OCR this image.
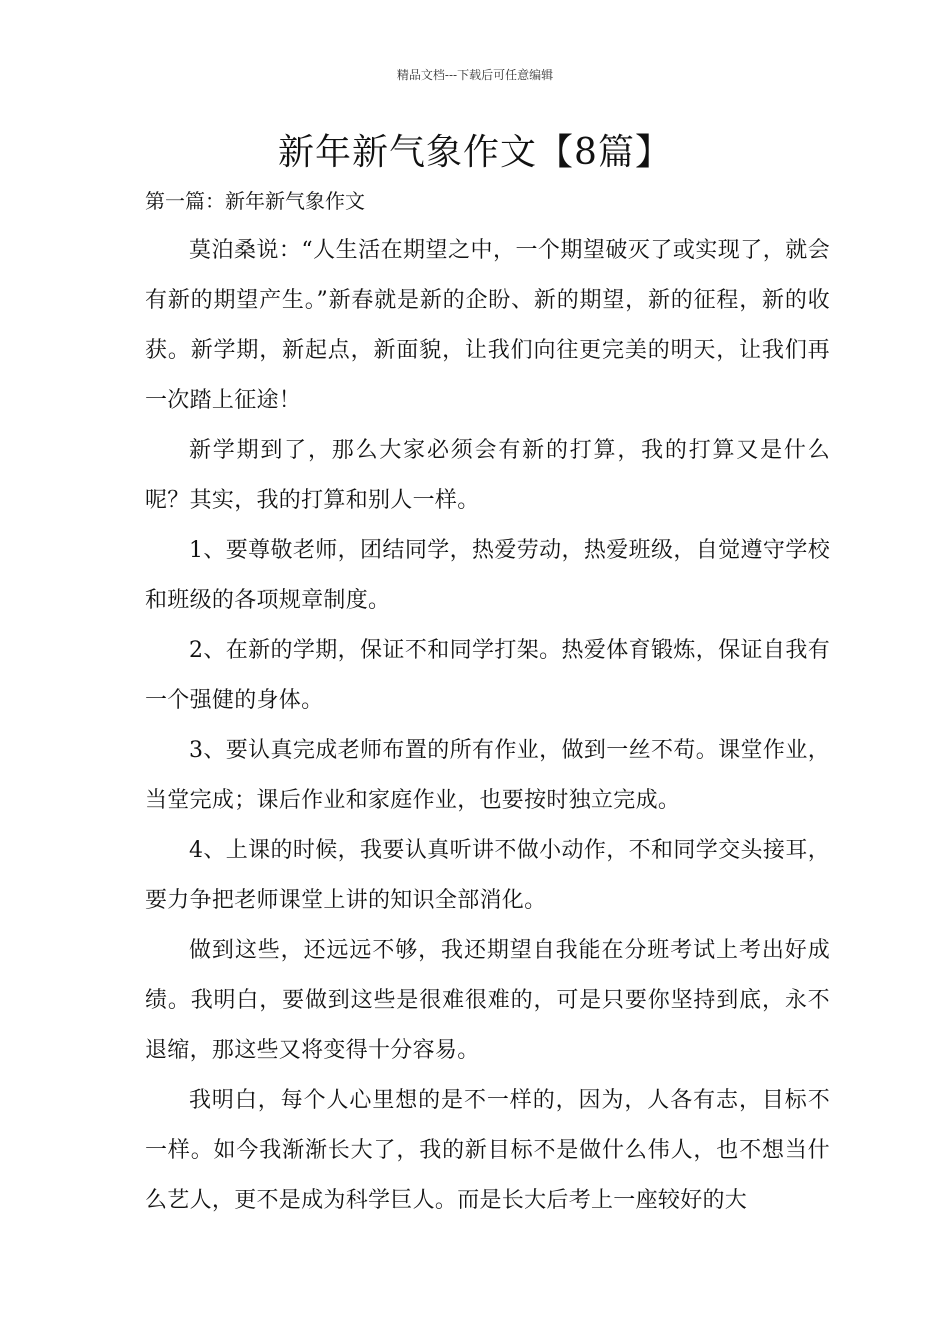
精品文档---下载后可任意编辑
新年新气象作文【8篇】
第一篇：新年新气象作文

莫泊桑说：“人生活在期望之中，一个期望破灭了或实现了，就会有新的期望产生。”新春就是新的企盼、新的期望，新的征程，新的收获。新学期，新起点，新面貌，让我们向往更完美的明天，让我们再一次踏上征途！

新学期到了，那么大家必须会有新的打算，我的打算又是什么呢？其实，我的打算和别人一样。

1、要尊敬老师，团结同学，热爱劳动，热爱班级，自觉遵守学校和班级的各项规章制度。

2、在新的学期，保证不和同学打架。热爱体育锻炼，保证自我有一个强健的身体。

3、要认真完成老师布置的所有作业，做到一丝不苟。课堂作业，当堂完成；课后作业和家庭作业，也要按时独立完成。

4、上课的时候，我要认真听讲不做小动作，不和同学交头接耳，要力争把老师课堂上讲的知识全部消化。

做到这些，还远远不够，我还期望自我能在分班考试上考出好成绩。我明白，要做到这些是很难很难的，可是只要你坚持到底，永不退缩，那这些又将变得十分容易。

我明白，每个人心里想的是不一样的，因为，人各有志，目标不一样。如今我渐渐长大了，我的新目标不是做什么伟人，也不想当什么艺人，更不是成为科学巨人。而是长大后考上一座较好的大
